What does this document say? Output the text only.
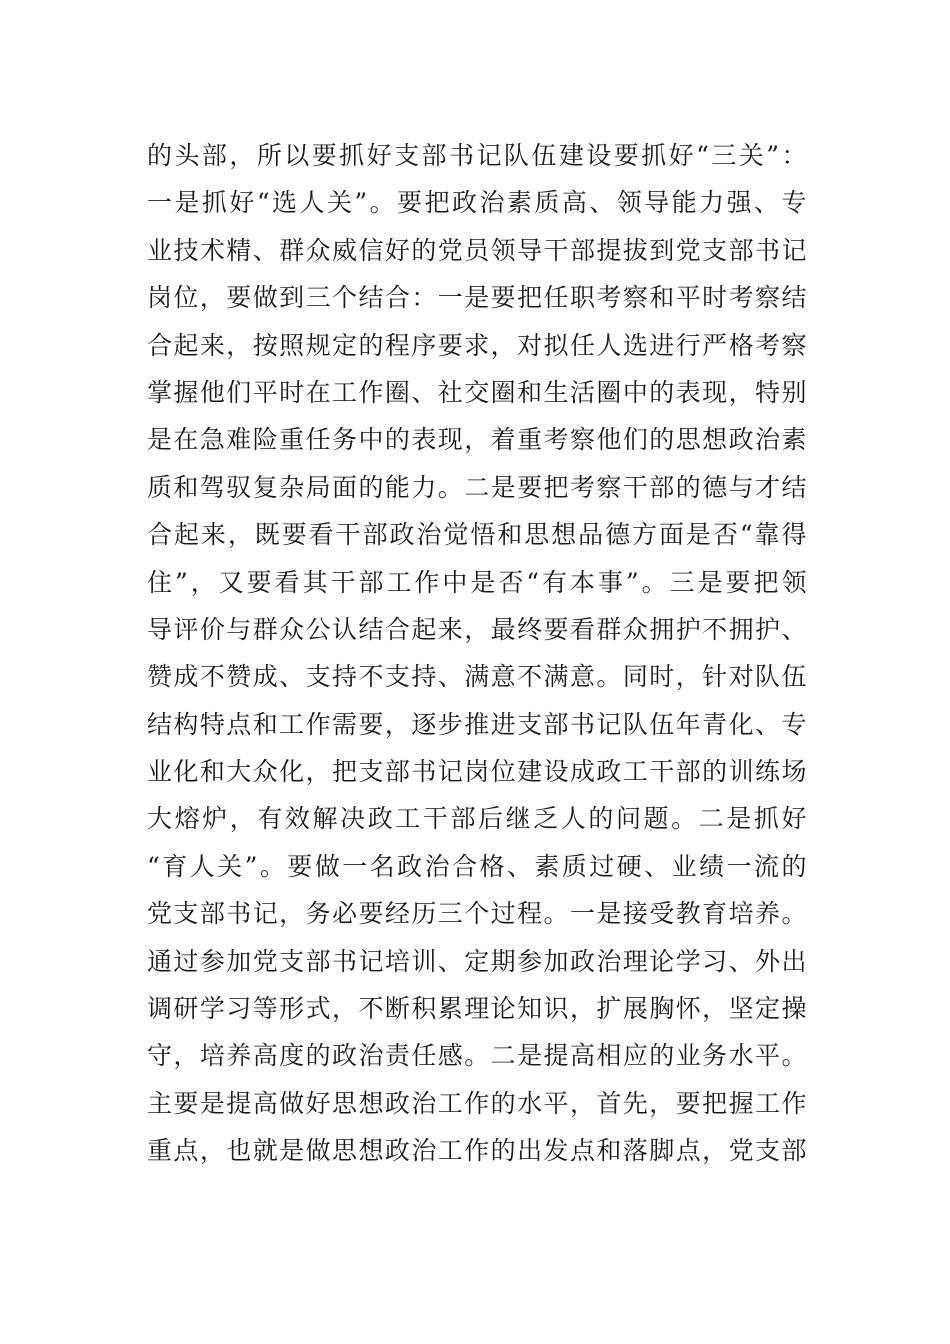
的头部，所以要抓好支部书记队伍建设要抓好“三关”：
一是抓好“选人关”。要把政治素质高、领导能力强、专
业技术精、群众威信好的党员领导干部提拔到党支部书记
岗位，要做到三个结合：一是要把任职考察和平时考察结
合起来，按照规定的程序要求，对拟任人选进行严格考察
掌握他们平时在工作圈、社交圈和生活圈中的表现，特别
是在急难险重任务中的表现，着重考察他们的思想政治素
质和驾驭复杂局面的能力。二是要把考察干部的德与才结
合起来，既要看干部政治觉悟和思想品德方面是否“靠得
住”，又要看其干部工作中是否“有本事”。三是要把领
导评价与群众公认结合起来，最终要看群众拥护不拥护、
赞成不赞成、支持不支持、满意不满意。同时，针对队伍
结构特点和工作需要，逐步推进支部书记队伍年青化、专
业化和大众化，把支部书记岗位建设成政工干部的训练场
大熔炉，有效解决政工干部后继乏人的问题。二是抓好
“育人关”。要做一名政治合格、素质过硬、业绩一流的
党支部书记，务必要经历三个过程。一是接受教育培养。
通过参加党支部书记培训、定期参加政治理论学习、外出
调研学习等形式，不断积累理论知识，扩展胸怀，坚定操
守，培养高度的政治责任感。二是提高相应的业务水平。
主要是提高做好思想政治工作的水平，首先，要把握工作
重点，也就是做思想政治工作的出发点和落脚点，党支部
